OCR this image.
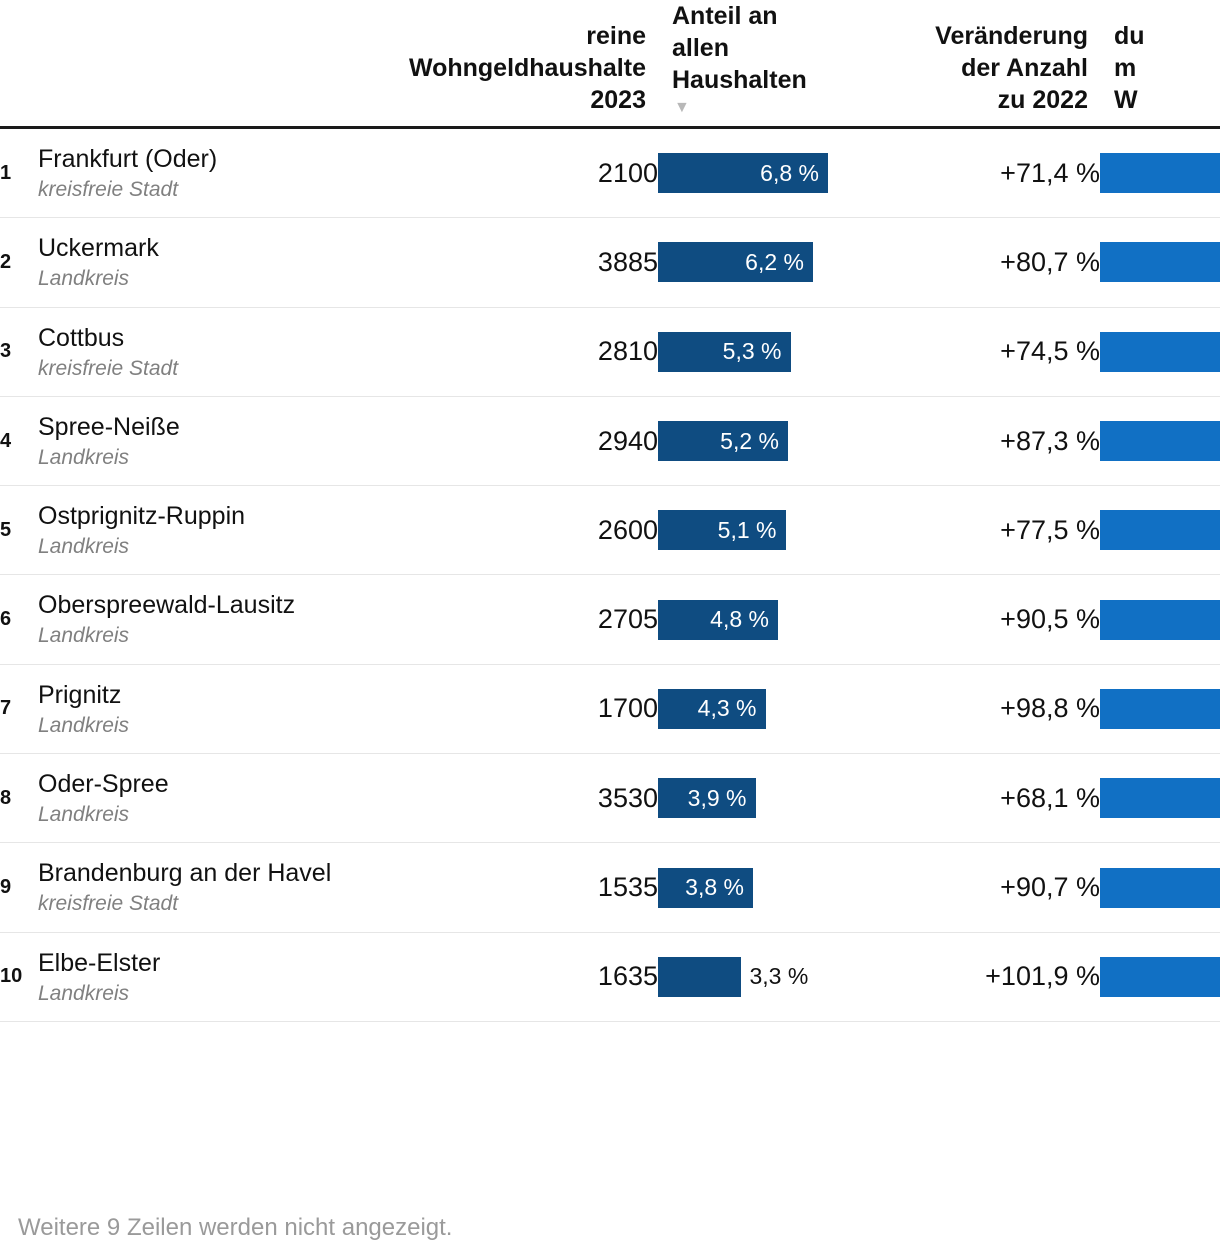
		reine
Wohngeldhaushalte
2023	Anteil an
allen
Haushalten
▼	Veränderung
der Anzahl
zu 2022	du
m
W

1	Frankfurt (Oder)
kreisfreie Stadt	2100	6,8 %	+71,4 %	

2	Uckermark
Landkreis	3885	6,2 %	+80,7 %	

3	Cottbus
kreisfreie Stadt	2810	5,3 %	+74,5 %	

4	Spree-Neiße
Landkreis	2940	5,2 %	+87,3 %	

5	Ostprignitz-Ruppin
Landkreis	2600	5,1 %	+77,5 %	

6	Oberspreewald-Lausitz
Landkreis	2705	4,8 %	+90,5 %	

7	Prignitz
Landkreis	1700	4,3 %	+98,8 %	

8	Oder-Spree
Landkreis	3530	3,9 %	+68,1 %	

9	Brandenburg an der Havel
kreisfreie Stadt	1535	3,8 %	+90,7 %	

10	Elbe-Elster
Landkreis	1635	3,3 %	+101,9 %	
Weitere 9 Zeilen werden nicht angezeigt.
